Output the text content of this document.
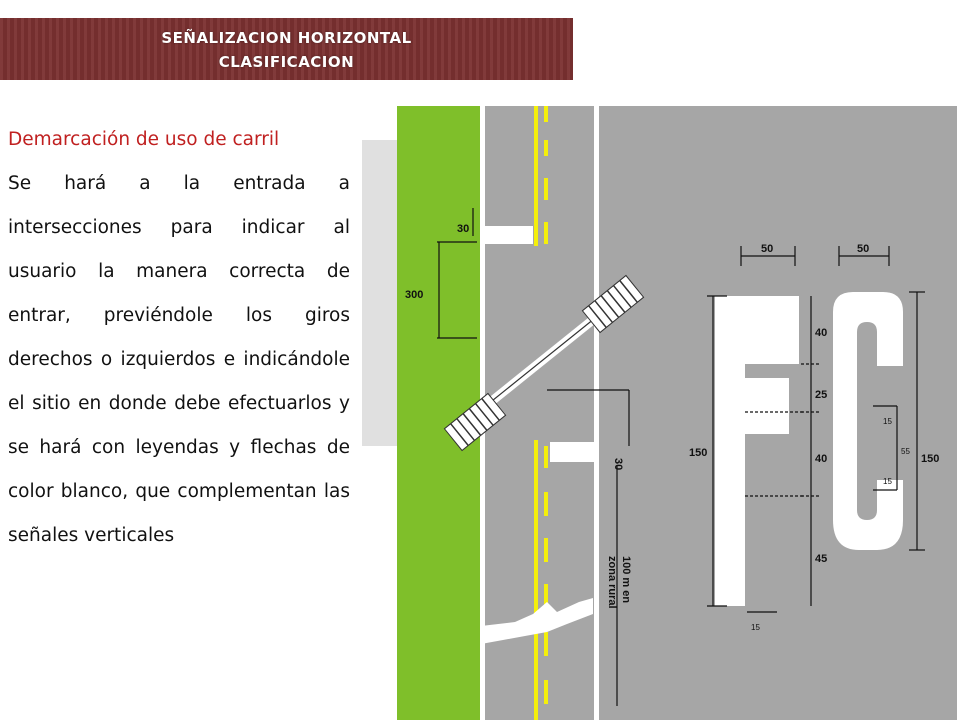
SEÑALIZACION HORIZONTAL
CLASIFICACION
Demarcación de uso de carril

Se hará a la entrada a intersecciones para indicar al usuario la manera correcta de entrar, previéndole los giros derechos o izquierdos e indicándole el sitio en donde debe efectuarlos y se hará con leyendas y flechas de color blanco, que complementan las señales verticales

30
300
30
50	50
40
25
40
45
150	150
15
15
15
55
100 m en
zona rural
